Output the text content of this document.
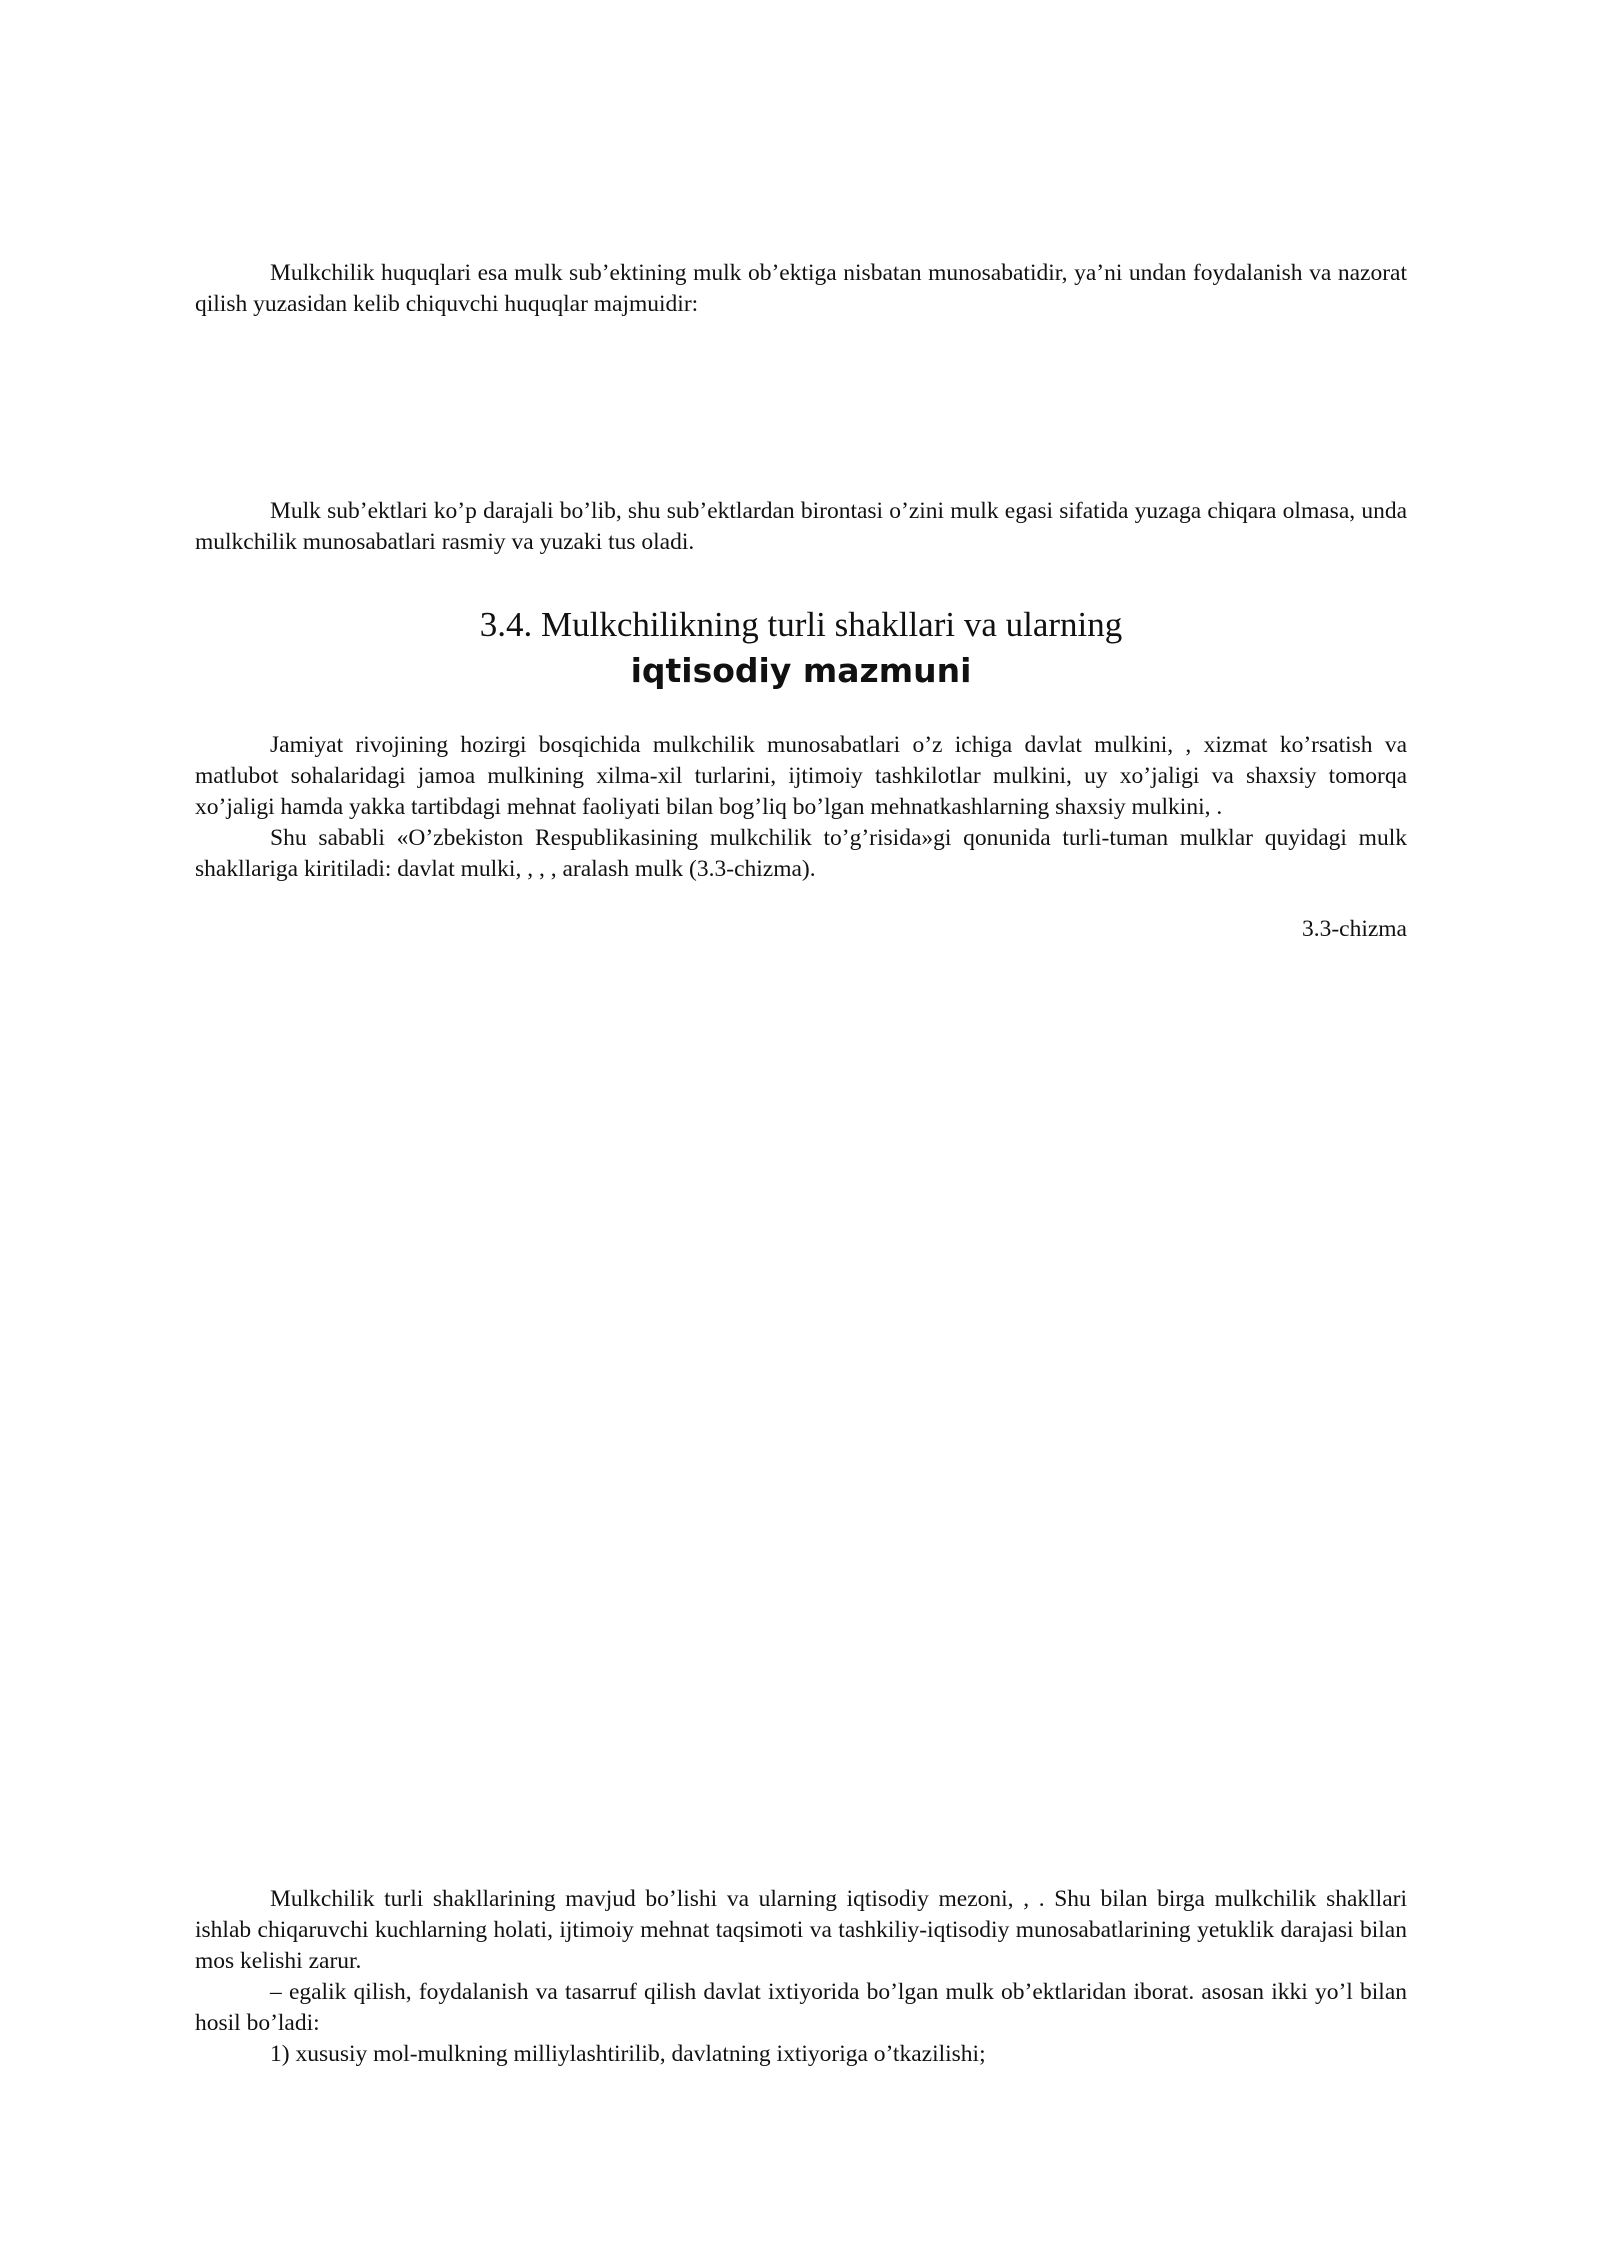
Mulkchilik huquqlari esa mulk sub’ektining mulk ob’ektiga nisbatan munosabatidir, ya’ni undan foydalanish va nazorat qilish yuzasidan kelib chiquvchi huquqlar majmuidir:

Mulk sub’ektlari ko’p darajali bo’lib, shu sub’ektlardan birontasi o’zini mulk egasi sifatida yuzaga chiqara olmasa, unda mulkchilik munosabatlari rasmiy va yuzaki tus oladi.

3.4. Mulkchilikning turli shakllari va ularning
iqtisodiy mazmuni

Jamiyat rivojining hozirgi bosqichida mulkchilik munosabatlari o’z ichiga davlat mulkini, , xizmat ko’rsatish va matlubot sohalaridagi jamoa mulkining xilma-xil turlarini, ijtimoiy tashkilotlar mulkini, uy xo’jaligi va shaxsiy tomorqa xo’jaligi hamda yakka tartibdagi mehnat faoliyati bilan bog’liq bo’lgan mehnatkashlarning shaxsiy mulkini, .

Shu sababli «O’zbekiston Respublikasining mulkchilik to’g’risida»gi qonunida turli-tuman mulklar quyidagi mulk shakllariga kiritiladi: davlat mulki, , , , aralash mulk (3.3-chizma).

3.3-chizma

Mulkchilik turli shakllarining mavjud bo’lishi va ularning iqtisodiy mezoni, , . Shu bilan birga mulkchilik shakllari ishlab chiqaruvchi kuchlarning holati, ijtimoiy mehnat taqsimoti va tashkiliy-iqtisodiy munosabatlarining yetuklik darajasi bilan mos kelishi zarur.

– egalik qilish, foydalanish va tasarruf qilish davlat ixtiyorida bo’lgan mulk ob’ektlaridan iborat. asosan ikki yo’l bilan hosil bo’ladi:

1) xususiy mol-mulkning milliylashtirilib, davlatning ixtiyoriga o’tkazilishi;
